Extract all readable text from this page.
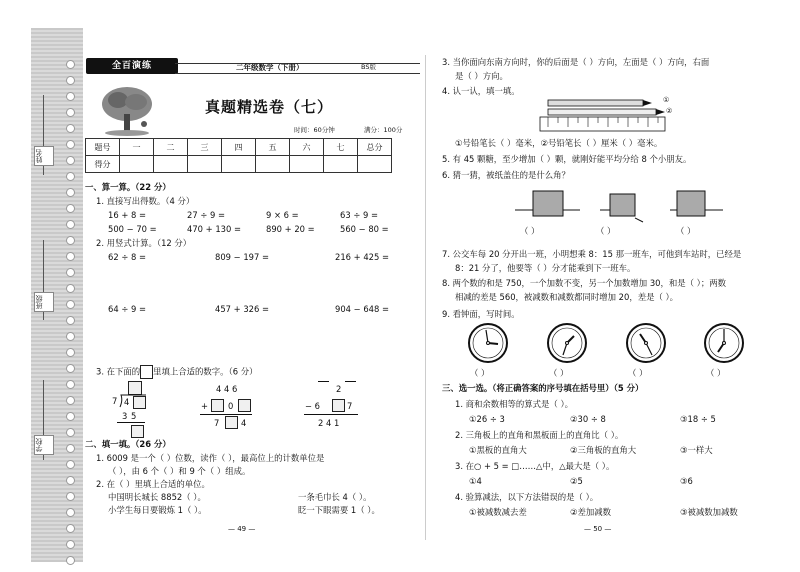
姓名
班级
学校
全百演练	二年级数学（下册）	BS版
真题精选卷（七）
时间：60分钟	满分：100分
题号	一	二	三	四	五	六	七	总分
得分								
一、算一算。（22 分）
1. 直接写出得数。（4 分）
16 + 8 =	27 ÷ 9 =	9 × 6 =	63 ÷ 9 =
500 − 70 =	470 + 130 =	890 + 20 =	560 − 80 =
2. 用竖式计算。（12 分）
62 ÷ 8 =	809 − 197 =	216 + 425 =
64 ÷ 9 =	457 + 326 =	904 − 648 =
3. 在下面的 里填上合适的数字。（6 分）
7 4
3 5
4 4 6
+ 0
7	4
2
− 6	7
2 4 1
二、填一填。（26 分）
1. 6009 是一个（ ）位数，读作（ ），最高位上的计数单位是
（ ），由 6 个（ ）和 9 个（ ）组成。
2. 在（ ）里填上合适的单位。
中国明长城长 8852（ ）。	一条毛巾长 4（ ）。
小学生每日要锻炼 1（ ）。	眨一下眼需要 1（ ）。
— 49 —
3. 当你面向东南方向时，你的后面是（ ）方向，左面是（ ）方向，右面
是（ ）方向。
4. 认一认，填一填。
①
②
①号铅笔长（ ）毫米，②号铅笔长（ ）厘米（ ）毫米。
5. 有 45 颗糖，至少增加（ ）颗，就刚好能平均分给 8 个小朋友。
6. 猜一猜，被纸盖住的是什么角？
（ ）	（ ）	（ ）
7. 公交车每 20 分开出一班，小明想乘 8：15 那一班车，可他到车站时，已经是
8：21 分了，他要等（ ）分才能乘到下一班车。
8. 两个数的和是 750，一个加数不变，另一个加数增加 30，和是（ ）；两数
相减的差是 560，被减数和减数都同时增加 20，差是（ ）。
9. 看钟面，写时间。
（ ）	（ ）	（ ）	（ ）
三、选一选。（将正确答案的序号填在括号里）（5 分）
1. 商和余数相等的算式是（ ）。
①26 ÷ 3	②30 ÷ 8	③18 ÷ 5
2. 三角板上的直角和黑板面上的直角比（ ）。
①黑板的直角大	②三角板的直角大	③一样大
3. 在○ + 5 = □……△中，△最大是（ ）。
①4	②5	③6
4. 验算减法，以下方法错误的是（ ）。
①被减数减去差	②差加减数	③被减数加减数
— 50 —
